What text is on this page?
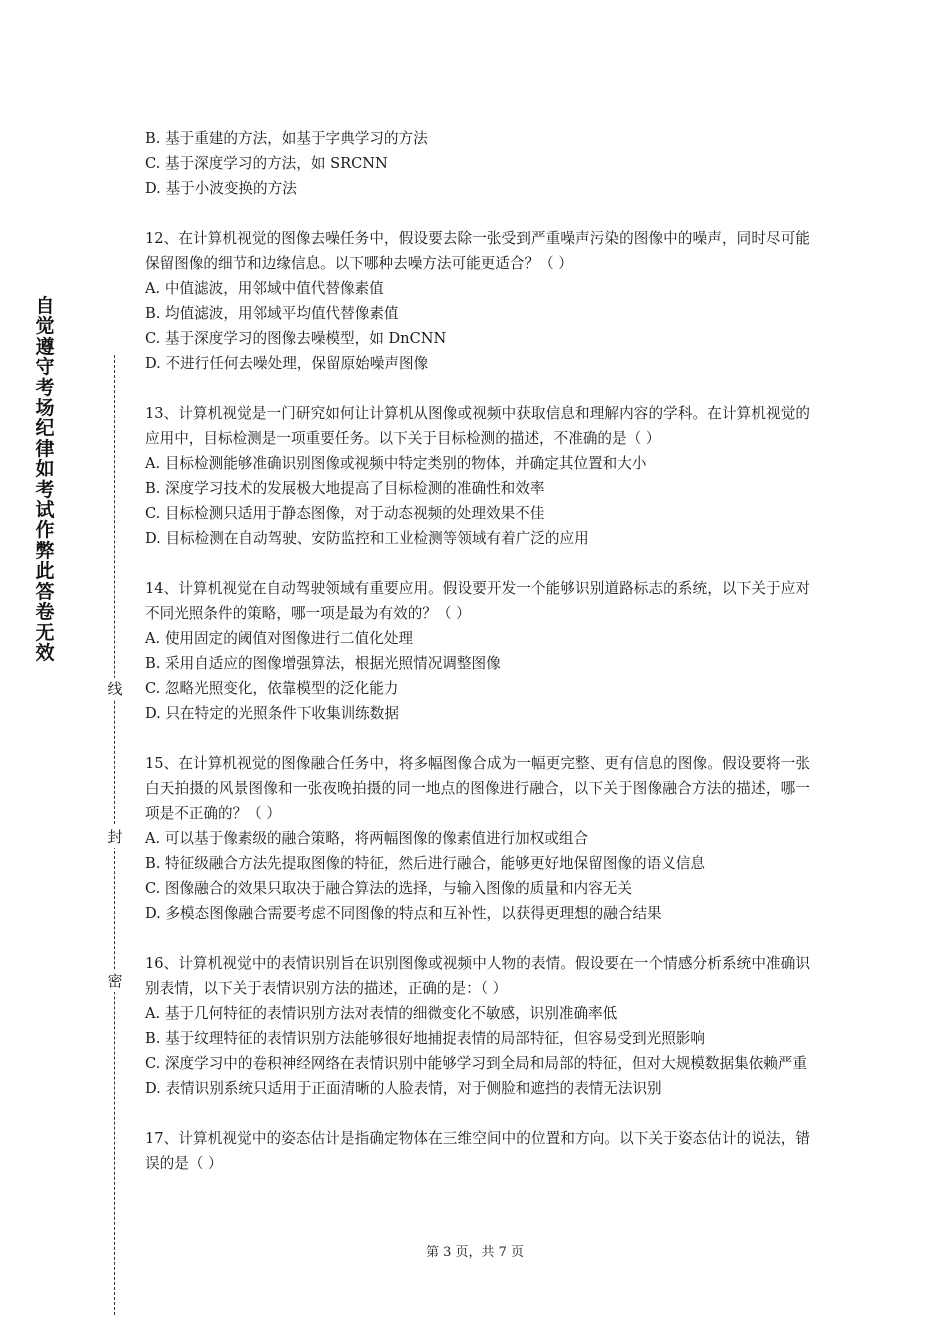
自觉遵守考场纪律如考试作弊此答卷无效
线
封
密
B. 基于重建的方法，如基于字典学习的方法
C. 基于深度学习的方法，如 SRCNN
D. 基于小波变换的方法
12、在计算机视觉的图像去噪任务中，假设要去除一张受到严重噪声污染的图像中的噪声，同时尽可能保留图像的细节和边缘信息。以下哪种去噪方法可能更适合？（ ）
A. 中值滤波，用邻域中值代替像素值
B. 均值滤波，用邻域平均值代替像素值
C. 基于深度学习的图像去噪模型，如 DnCNN
D. 不进行任何去噪处理，保留原始噪声图像
13、计算机视觉是一门研究如何让计算机从图像或视频中获取信息和理解内容的学科。在计算机视觉的应用中，目标检测是一项重要任务。以下关于目标检测的描述，不准确的是（ ）
A. 目标检测能够准确识别图像或视频中特定类别的物体，并确定其位置和大小
B. 深度学习技术的发展极大地提高了目标检测的准确性和效率
C. 目标检测只适用于静态图像，对于动态视频的处理效果不佳
D. 目标检测在自动驾驶、安防监控和工业检测等领域有着广泛的应用
14、计算机视觉在自动驾驶领域有重要应用。假设要开发一个能够识别道路标志的系统，以下关于应对不同光照条件的策略，哪一项是最为有效的？（ ）
A. 使用固定的阈值对图像进行二值化处理
B. 采用自适应的图像增强算法，根据光照情况调整图像
C. 忽略光照变化，依靠模型的泛化能力
D. 只在特定的光照条件下收集训练数据
15、在计算机视觉的图像融合任务中，将多幅图像合成为一幅更完整、更有信息的图像。假设要将一张白天拍摄的风景图像和一张夜晚拍摄的同一地点的图像进行融合，以下关于图像融合方法的描述，哪一项是不正确的？（ ）
A. 可以基于像素级的融合策略，将两幅图像的像素值进行加权或组合
B. 特征级融合方法先提取图像的特征，然后进行融合，能够更好地保留图像的语义信息
C. 图像融合的效果只取决于融合算法的选择，与输入图像的质量和内容无关
D. 多模态图像融合需要考虑不同图像的特点和互补性，以获得更理想的融合结果
16、计算机视觉中的表情识别旨在识别图像或视频中人物的表情。假设要在一个情感分析系统中准确识别表情，以下关于表情识别方法的描述，正确的是：（ ）
A. 基于几何特征的表情识别方法对表情的细微变化不敏感，识别准确率低
B. 基于纹理特征的表情识别方法能够很好地捕捉表情的局部特征，但容易受到光照影响
C. 深度学习中的卷积神经网络在表情识别中能够学习到全局和局部的特征，但对大规模数据集依赖严重
D. 表情识别系统只适用于正面清晰的人脸表情，对于侧脸和遮挡的表情无法识别
17、计算机视觉中的姿态估计是指确定物体在三维空间中的位置和方向。以下关于姿态估计的说法，错误的是（ ）
第 3 页，共 7 页
